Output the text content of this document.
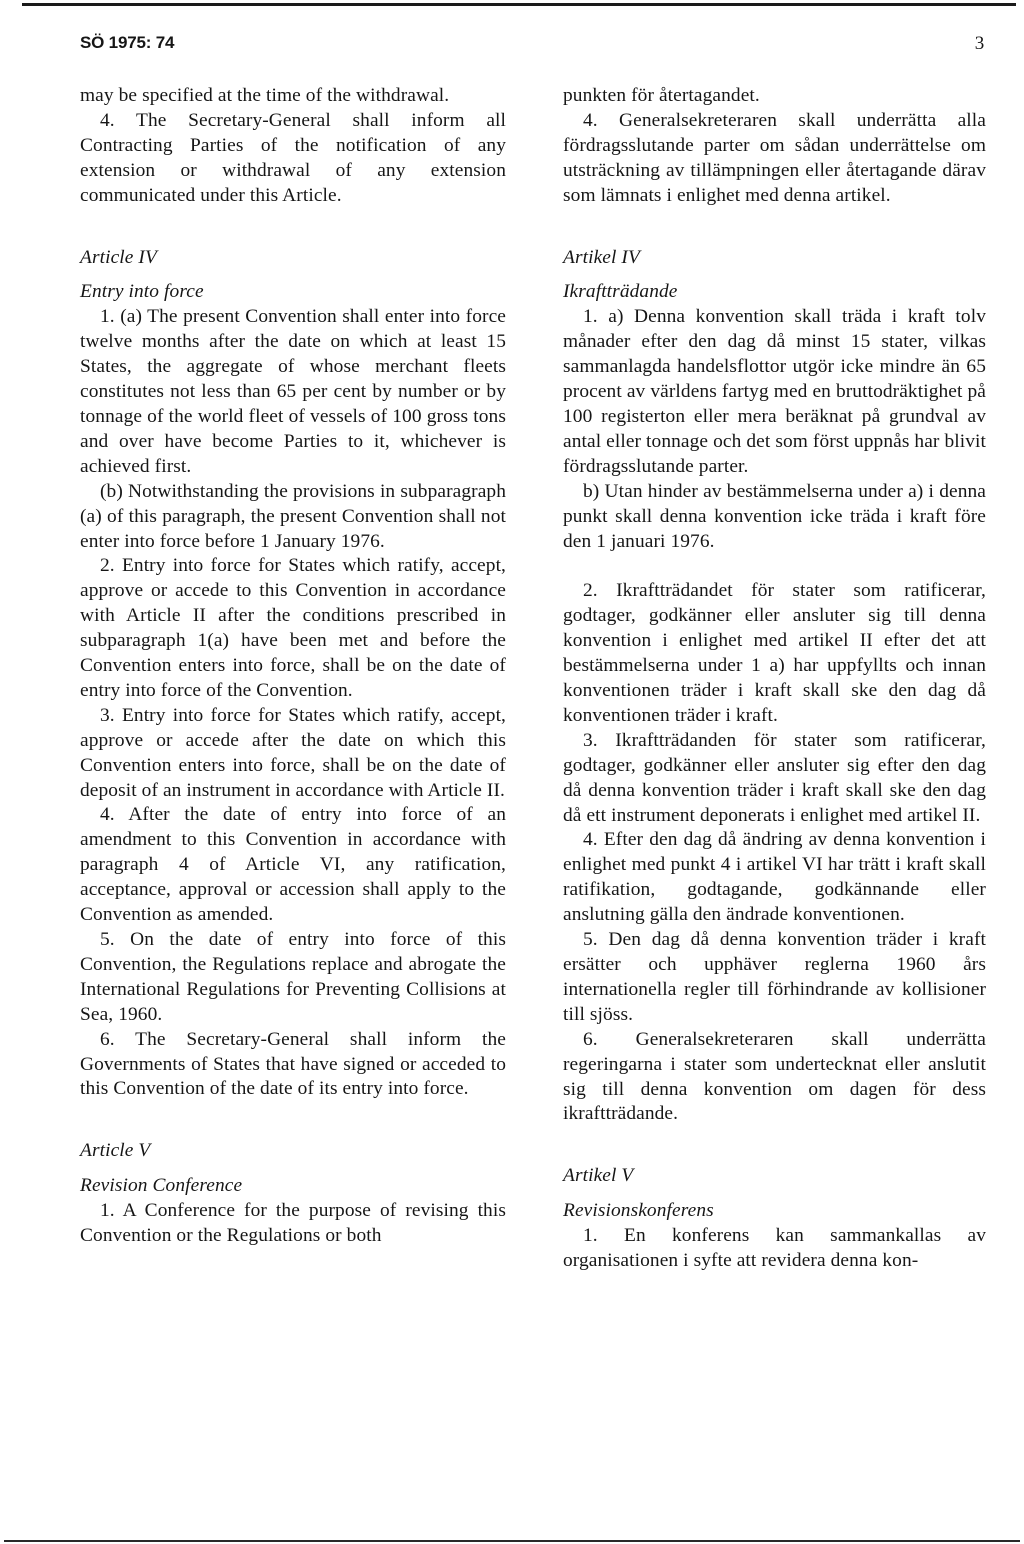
SÖ 1975: 74	3

may be specified at the time of the withdrawal.

4. The Secretary-General shall inform all Contracting Parties of the notification of any extension or withdrawal of any extension communicated under this Article.

Article IV

Entry into force

1. (a) The present Convention shall enter into force twelve months after the date on which at least 15 States, the aggregate of whose merchant fleets constitutes not less than 65 per cent by number or by tonnage of the world fleet of vessels of 100 gross tons and over have become Parties to it, whichever is achieved first.

(b) Notwithstanding the provisions in subparagraph (a) of this paragraph, the present Convention shall not enter into force before 1 January 1976.

2. Entry into force for States which ratify, accept, approve or accede to this Convention in accordance with Article II after the conditions prescribed in subparagraph 1(a) have been met and before the Convention enters into force, shall be on the date of entry into force of the Convention.

3. Entry into force for States which ratify, accept, approve or accede after the date on which this Convention enters into force, shall be on the date of deposit of an instrument in accordance with Article II.

4. After the date of entry into force of an amendment to this Convention in accordance with paragraph 4 of Article VI, any ratification, acceptance, approval or accession shall apply to the Convention as amended.

5. On the date of entry into force of this Convention, the Regulations replace and abrogate the International Regulations for Preventing Collisions at Sea, 1960.

6. The Secretary-General shall inform the Governments of States that have signed or acceded to this Convention of the date of its entry into force.

Article V

Revision Conference

1. A Conference for the purpose of revising this Convention or the Regulations or both

punkten för återtagandet.

4. Generalsekreteraren skall underrätta alla fördragsslutande parter om sådan underrättelse om utsträckning av tillämpningen eller återtagande därav som lämnats i enlighet med denna artikel.

Artikel IV

Ikraftträdande

1. a) Denna konvention skall träda i kraft tolv månader efter den dag då minst 15 stater, vilkas sammanlagda handelsflottor utgör icke mindre än 65 procent av världens fartyg med en bruttodräktighet på 100 registerton eller mera beräknat på grundval av antal eller tonnage och det som först uppnås har blivit fördragsslutande parter.

b) Utan hinder av bestämmelserna under a) i denna punkt skall denna konvention icke träda i kraft före den 1 januari 1976.

2. Ikraftträdandet för stater som ratificerar, godtager, godkänner eller ansluter sig till denna konvention i enlighet med artikel II efter det att bestämmelserna under 1 a) har uppfyllts och innan konventionen träder i kraft skall ske den dag då konventionen träder i kraft.

3. Ikraftträdanden för stater som ratificerar, godtager, godkänner eller ansluter sig efter den dag då denna konvention träder i kraft skall ske den dag då ett instrument deponerats i enlighet med artikel II.

4. Efter den dag då ändring av denna konvention i enlighet med punkt 4 i artikel VI har trätt i kraft skall ratifikation, godtagande, godkännande eller anslutning gälla den ändrade konventionen.

5. Den dag då denna konvention träder i kraft ersätter och upphäver reglerna 1960 års internationella regler till förhindrande av kollisioner till sjöss.

6. Generalsekreteraren skall underrätta regeringarna i stater som undertecknat eller anslutit sig till denna konvention om dagen för dess ikraftträdande.

Artikel V

Revisionskonferens

1. En konferens kan sammankallas av organisationen i syfte att revidera denna kon-
